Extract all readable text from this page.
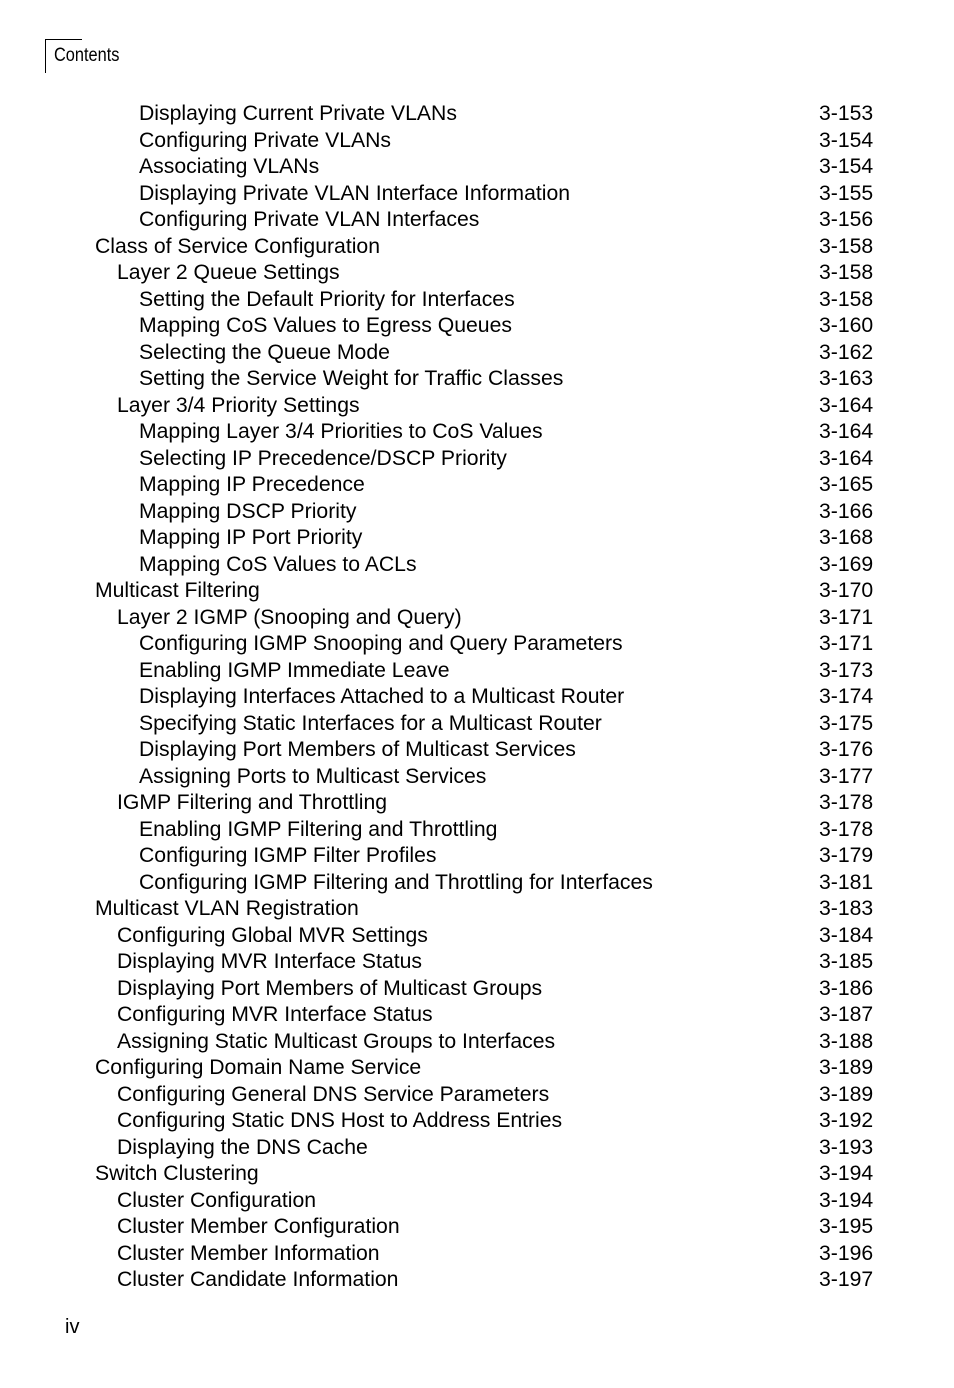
Contents
Displaying Current Private VLANs	3-153
Configuring Private VLANs	3-154
Associating VLANs	3-154
Displaying Private VLAN Interface Information	3-155
Configuring Private VLAN Interfaces	3-156
Class of Service Configuration	3-158
Layer 2 Queue Settings	3-158
Setting the Default Priority for Interfaces	3-158
Mapping CoS Values to Egress Queues	3-160
Selecting the Queue Mode	3-162
Setting the Service Weight for Traffic Classes	3-163
Layer 3/4 Priority Settings	3-164
Mapping Layer 3/4 Priorities to CoS Values	3-164
Selecting IP Precedence/DSCP Priority	3-164
Mapping IP Precedence	3-165
Mapping DSCP Priority	3-166
Mapping IP Port Priority	3-168
Mapping CoS Values to ACLs	3-169
Multicast Filtering	3-170
Layer 2 IGMP (Snooping and Query)	3-171
Configuring IGMP Snooping and Query Parameters	3-171
Enabling IGMP Immediate Leave	3-173
Displaying Interfaces Attached to a Multicast Router	3-174
Specifying Static Interfaces for a Multicast Router	3-175
Displaying Port Members of Multicast Services	3-176
Assigning Ports to Multicast Services	3-177
IGMP Filtering and Throttling	3-178
Enabling IGMP Filtering and Throttling	3-178
Configuring IGMP Filter Profiles	3-179
Configuring IGMP Filtering and Throttling for Interfaces	3-181
Multicast VLAN Registration	3-183
Configuring Global MVR Settings	3-184
Displaying MVR Interface Status	3-185
Displaying Port Members of Multicast Groups	3-186
Configuring MVR Interface Status	3-187
Assigning Static Multicast Groups to Interfaces	3-188
Configuring Domain Name Service	3-189
Configuring General DNS Service Parameters	3-189
Configuring Static DNS Host to Address Entries	3-192
Displaying the DNS Cache	3-193
Switch Clustering	3-194
Cluster Configuration	3-194
Cluster Member Configuration	3-195
Cluster Member Information	3-196
Cluster Candidate Information	3-197
iv
